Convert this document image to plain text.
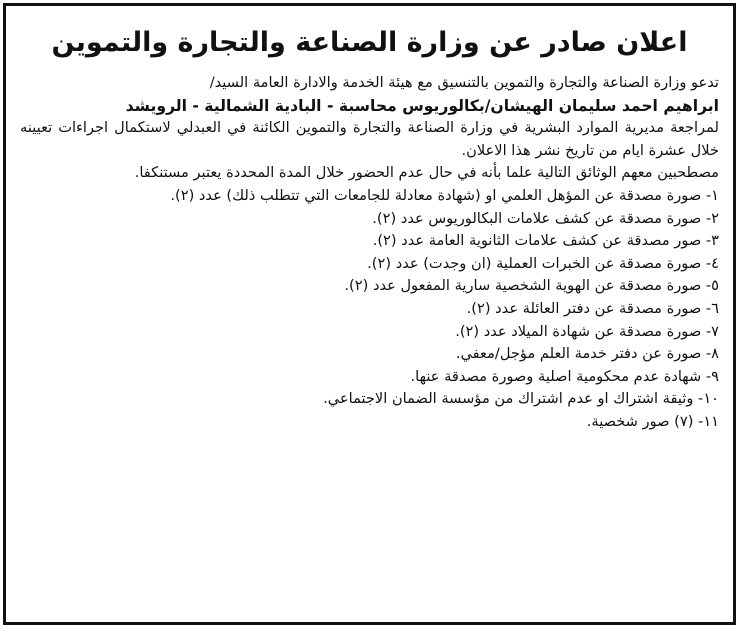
اعلان صادر عن وزارة الصناعة والتجارة والتموين

تدعو وزارة الصناعة والتجارة والتموين بالتنسيق مع هيئة الخدمة والادارة العامة السيد/

ابراهيم احمد سليمان الهيشان/بكالوريوس محاسبة - البادية الشمالية - الرويشد

لمراجعة مديرية الموارد البشرية في وزارة الصناعة والتجارة والتموين الكائنة في العبدلي لاستكمال اجراءات تعيينه خلال عشرة ايام من تاريخ نشر هذا الاعلان.

مصطحبين معهم الوثائق التالية علما بأنه في حال عدم الحضور خلال المدة المحددة يعتبر مستنكفا.

١- صورة مصدقة عن المؤهل العلمي او (شهادة معادلة للجامعات التي تتطلب ذلك) عدد (٢).
٢- صورة مصدقة عن كشف علامات البكالوريوس عدد (٢).
٣- صور مصدقة عن كشف علامات الثانوية العامة عدد (٢).
٤- صورة مصدقة عن الخبرات العملية (ان وجدت) عدد (٢).
٥- صورة مصدقة عن الهوية الشخصية سارية المفعول عدد (٢).
٦- صورة مصدقة عن دفتر العائلة عدد (٢).
٧- صورة مصدقة عن شهادة الميلاد عدد (٢).
٨- صورة عن دفتر خدمة العلم مؤجل/معفي.
٩- شهادة عدم محكومية اصلية وصورة مصدقة عنها.
١٠- وثيقة اشتراك او عدم اشتراك من مؤسسة الضمان الاجتماعي.
١١- (٧) صور شخصية.
